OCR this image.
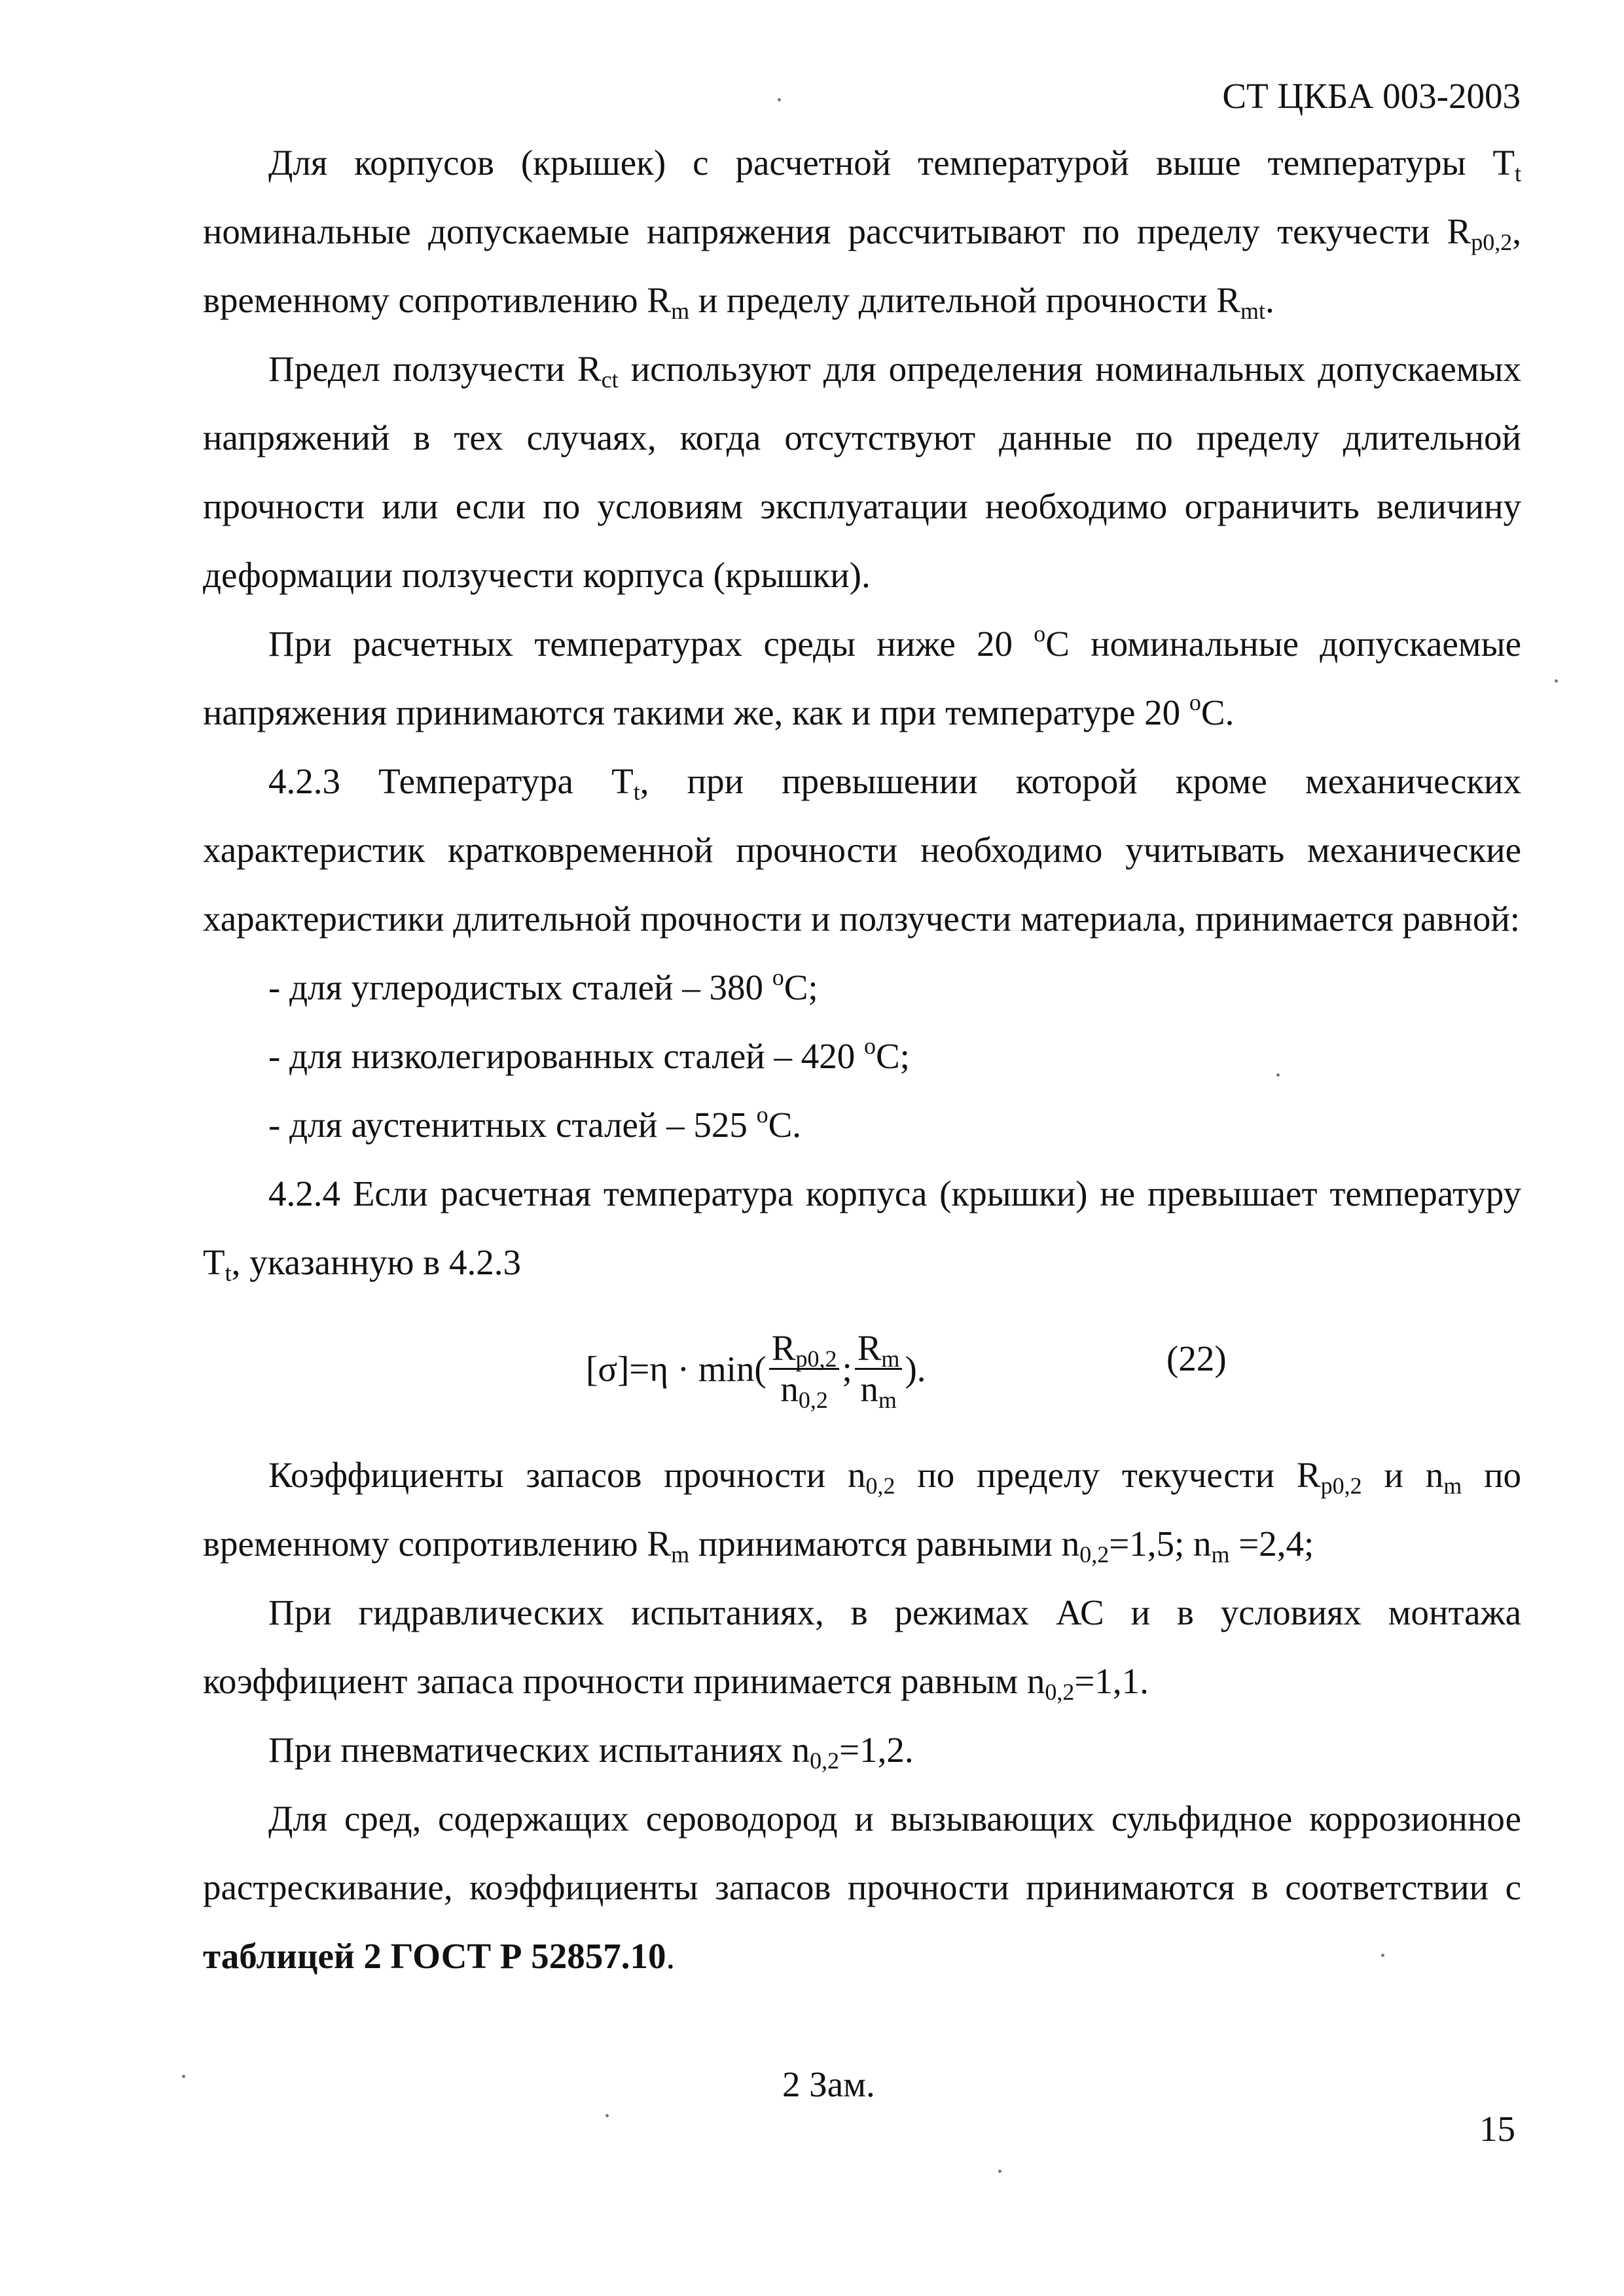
СТ ЦКБА 003-2003

Для корпусов (крышек) с расчетной температурой выше температуры $T_t$ номинальные допускаемые напряжения рассчитывают по пределу текучести $R_{p0,2}$, временному сопротивлению $R_m$ и пределу длительной прочности $R_{mt}$.

Предел ползучести $R_{ct}$ используют для определения номинальных допускаемых напряжений в тех случаях, когда отсутствуют данные по пределу длительной прочности или если по условиям эксплуатации необходимо ограничить величину деформации ползучести корпуса (крышки).

При расчетных температурах среды ниже 20 $^о$С номинальные допускаемые напряжения принимаются такими же, как и при температуре 20 $^о$С.

4.2.3 Температура $T_t$, при превышении которой кроме механических характеристик кратковременной прочности необходимо учитывать механические характеристики длительной прочности и ползучести материала, принимается равной:

- для углеродистых сталей – 380 $^о$С;

- для низколегированных сталей – 420 $^о$С;

- для аустенитных сталей – 525 $^о$С.

4.2.4 Если расчетная температура корпуса (крышки) не превышает температуру $T_t$, указанную в 4.2.3

$[\sigma]=\eta \cdot \min( \frac{R_{p0,2}}{n_{0,2}}$ ; $\frac{R_m}{n_m}$ ).	(22)

Коэффициенты запасов прочности $n_{0,2}$ по пределу текучести $R_{p0,2}$ и $n_m$ по временному сопротивлению $R_m$ принимаются равными $n_{0,2}=1,5$; $n_m =2,4$;

При гидравлических испытаниях, в режимах АС и в условиях монтажа коэффициент запаса прочности принимается равным $n_{0,2}=1,1$.

При пневматических испытаниях $n_{0,2}=1,2$.

Для сред, содержащих сероводород и вызывающих сульфидное коррозионное растрескивание, коэффициенты запасов прочности принимаются в соответствии с таблицей 2 ГОСТ Р 52857.10.

2 Зам.
15
